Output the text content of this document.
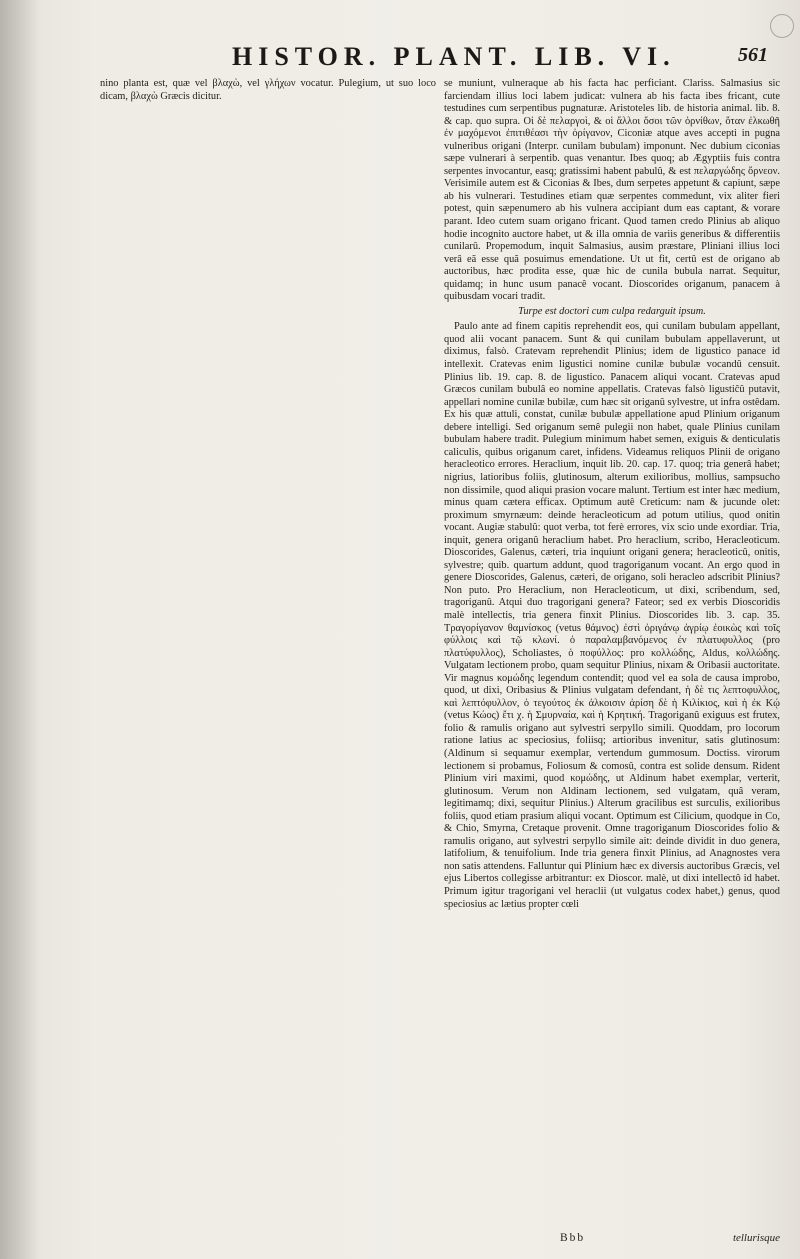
HISTOR. PLANT. LIB. VI.	561

nino planta est, quæ vel βλαχὼ, vel γλήχων vocatur. Pulegium, ut suo loco dicam, βλαχὼ Græcis dicitur.

se muniunt, vulneraque ab his facta hac perficiant. Clariss. Salmasius sic farciendam illius loci labem judicat: vulnera ab his facta ibes fricant, cute testudines cum serpentibus pugnaturæ. Aristoteles lib. de historia animal. lib. 8. & cap. quo supra. Οἱ δὲ πελαργοὶ, & οἱ ἄλλοι ὅσοι τῶν ὀρνίθων, ὅταν ἐλκωθῆ ἐν μαχόμενοι ἐπιτιθέασι τὴν ὀρίγανον, Ciconiæ atque aves accepti in pugna vulneribus origani (Interpr. cunilam bubulam) imponunt. Nec dubium ciconias sæpe vulnerari à serpentib. quas venantur. Ibes quoq; ab Ægyptiis fuis contra serpentes invocantur, easq; gratissimi habent pabulû, & est πελαργώδης ὄρνεον. Verisimile autem est & Ciconias & Ibes, dum serpetes appetunt & capiunt, sæpe ab his vulnerari. Testudines etiam quæ serpentes commedunt, vix aliter fieri potest, quin sæpenumero ab his vulnera accipiant dum eas captant, & vorare parant. Ideo cutem suam origano fricant. Quod tamen credo Plinius ab aliquo hodie incognito auctore habet, ut & illa omnia de variis generibus & differentiis cunilarû. Propemodum, inquit Salmasius, ausim præstare, Pliniani illius loci verâ eã esse quã posuimus emendatione. Ut ut fit, certû est de origano ab auctoribus, hæc prodita esse, quæ hic de cunila bubula narrat. Sequitur, quidamq; in hunc usum panacê vocant. Dioscorides origanum, panacem à quibusdam vocari tradit.

Turpe est doctori cum culpa redarguit ipsum.

Paulo ante ad finem capitis reprehendit eos, qui cunilam bubulam appellant, quod alii vocant panacem. Sunt & qui cunilam bubulam appellaverunt, ut diximus, falsò. Cratevam reprehendit Plinius; idem de ligustico panace id intellexit. Cratevas enim ligustici nomine cunilæ bubulæ vocandû censuit. Plinius lib. 19. cap. 8. de ligustico. Panacem aliqui vocant. Cratevas apud Græcos cunilam bubulâ eo nomine appellatis. Cratevas falsò ligustiĉû putavit, appellari nomine cunilæ bubilæ, cum hæc sit origanû sylvestre, ut infra ostêdam. Ex his quæ attuli, constat, cunilæ bubulæ appellatione apud Plinium origanum debere intelligi. Sed origanum semê pulegii non habet, quale Plinius cunilam bubulam habere tradit. Pulegium minimum habet semen, exiguis & denticulatis caliculis, quibus origanum caret, infidens. Videamus reliquos Plinii de origano heracleotico errores. Heraclium, inquit lib. 20. cap. 17. quoq; tria generâ habet; nigrius, latioribus foliis, glutinosum, alterum exilioribus, mollius, sampsucho non dissimile, quod aliqui prasion vocare malunt. Tertium est inter hæc medium, minus quam cætera efficax. Optimum autê Creticum: nam & jucunde olet: proximum smyrnæum: deinde heracleoticum ad potum utilius, quod onitin vocant. Augiæ stabulû: quot verba, tot ferè errores, vix scio unde exordiar. Tria, inquit, genera origanû heraclium habet. Pro heraclium, scribo, Heracleoticum. Dioscorides, Galenus, cæteri, tria inquiunt origani genera; heracleoticû, onitis, sylvestre; quib. quartum addunt, quod tragoriganum vocant. An ergo quod in genere Dioscorides, Galenus, cæteri, de origano, soli heracleo adscribit Plinius? Non puto. Pro Heraclium, non Heracleoticum, ut dixi, scribendum, sed, tragoriganû. Atqui duo tragorigani genera? Fateor; sed ex verbis Dioscoridis malè intellectis, tria genera finxit Plinius. Dioscorides lib. 3. cap. 35. Τραγορίγανον θαμνίσκος (vetus θάμνος) ἐστὶ ὀριγάνῳ ἀγρίῳ ἐοικὼς καὶ τοῖς φύλλοις καὶ τῷ κλωνί. ὁ παραλαμβανόμενος ἐν πλατυφυλλος (pro πλατύφυλλος), Scholiastes, ὁ ποφύλλος: pro κολλώδης, Aldus, κολλώδης. Vulgatam lectionem probo, quam sequitur Plinius, nixam & Oribasii auctoritate. Vir magnus κομώδης legendum contendit; quod vel ea sola de causa improbo, quod, ut dixi, Oribasius & Plinius vulgatam defendant, ἡ δὲ τις λεπτοφυλλος, καὶ λεπτόφυλλον, ὁ τεγούτος ἐκ ἀλκοισιν ἀρίση δὲ ἡ Κιλίκιος, καὶ ἡ ἐκ Κῴ (vetus Κώος) ἔτι χ. ἡ Σμυρναία, καὶ ἡ Κρητική. Tragoriganû exiguus est frutex, folio & ramulis origano aut sylvestri serpyllo simili. Quoddam, pro locorum ratione latius ac speciosius, foliisq; artioribus invenitur, satis glutinosum: (Aldinum si sequamur exemplar, vertendum gummosum. Doctiss. virorum lectionem si probamus, Foliosum & comosû, contra est solide densum. Rident Plinium viri maximi, quod κομώδης, ut Aldinum habet exemplar, verterit, glutinosum. Verum non Aldinam lectionem, sed vulgatam, quâ veram, legitimamq; dixi, sequitur Plinius.) Alterum gracilibus est surculis, exilioribus foliis, quod etiam prasium aliqui vocant. Optimum est Cilicium, quodque in Co, & Chio, Smyrna, Cretaque provenit. Omne tragoriganum Dioscorides folio & ramulis origano, aut sylvestri serpyllo simile ait: deinde dividit in duo genera, latifolium, & tenuifolium. Inde tria genera finxit Plinius, ad Anagnostes vera non satis attendens. Falluntur qui Plinium hæc ex diversis auctoribus Græcis, vel ejus Libertos collegisse arbitrantur: ex Dioscor. malè, ut dixi intellectô id habet. Primum igitur tragorigani vel heraclii (ut vulgatus codex habet,) genus, quod speciosius ac lætius propter cœli

Bbb	tellurisque
